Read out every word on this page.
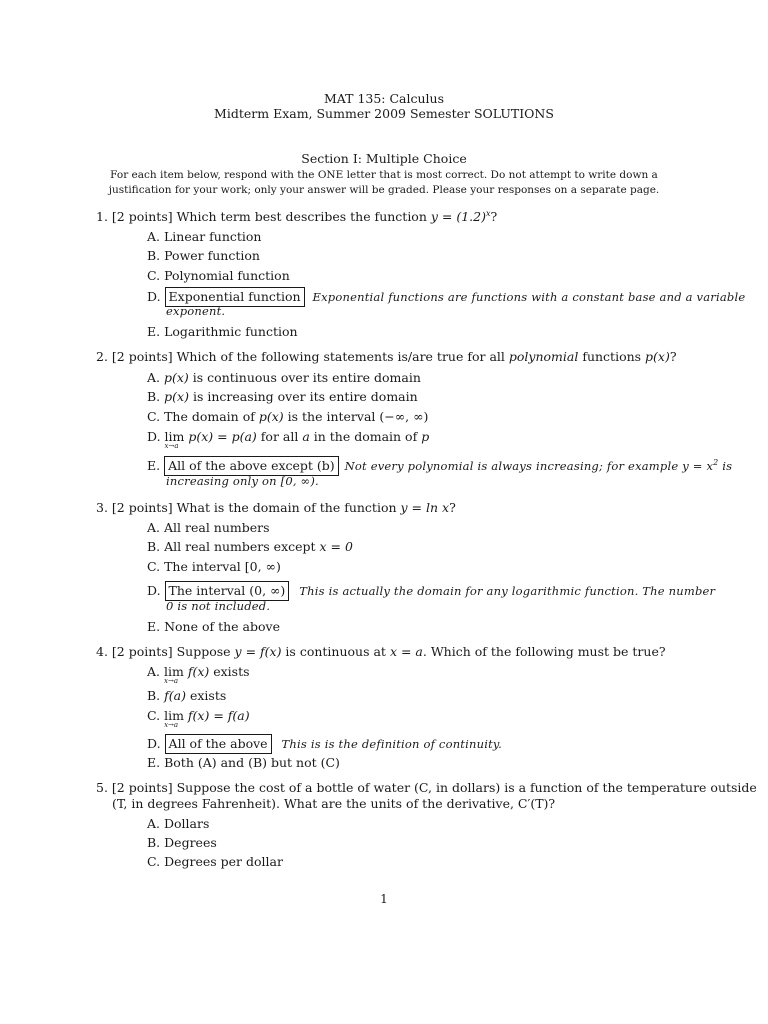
MAT 135: Calculus
Midterm Exam, Summer 2009 Semester SOLUTIONS
Section I: Multiple Choice
For each item below, respond with the ONE letter that is most correct. Do not attempt to write down a
justification for your work; only your answer will be graded. Please your responses on a separate page.
1. [2 points] Which term best describes the function $y = (1.2)^x$?
A. Linear function
B. Power function
C. Polynomial function
D. Exponential function Exponential functions are functions with a constant base and a variable
exponent.
E. Logarithmic function
2. [2 points] Which of the following statements is/are true for all polynomial functions p(x)?
A. p(x) is continuous over its entire domain
B. p(x) is increasing over its entire domain
C. The domain of p(x) is the interval (−∞, ∞)
D. lim
x→a
p(x) = p(a) for all a in the domain of p
E. All of the above except (b) Not every polynomial is always increasing; for example $y = x^2$ is
increasing only on [0, ∞).
3. [2 points] What is the domain of the function y = ln x?
A. All real numbers
B. All real numbers except x = 0
C. The interval [0, ∞)
D. The interval (0, ∞) This is actually the domain for any logarithmic function. The number
0 is not included.
E. None of the above
4. [2 points] Suppose y = f(x) is continuous at x = a. Which of the following must be true?
A. lim
x→a
f(x) exists
B. f(a) exists
C. lim
x→a
f(x) = f(a)
D. All of the above This is is the definition of continuity.
E. Both (A) and (B) but not (C)
5. [2 points] Suppose the cost of a bottle of water (C, in dollars) is a function of the temperature outside
(T, in degrees Fahrenheit). What are the units of the derivative, C′(T)?
A. Dollars
B. Degrees
C. Degrees per dollar
1
